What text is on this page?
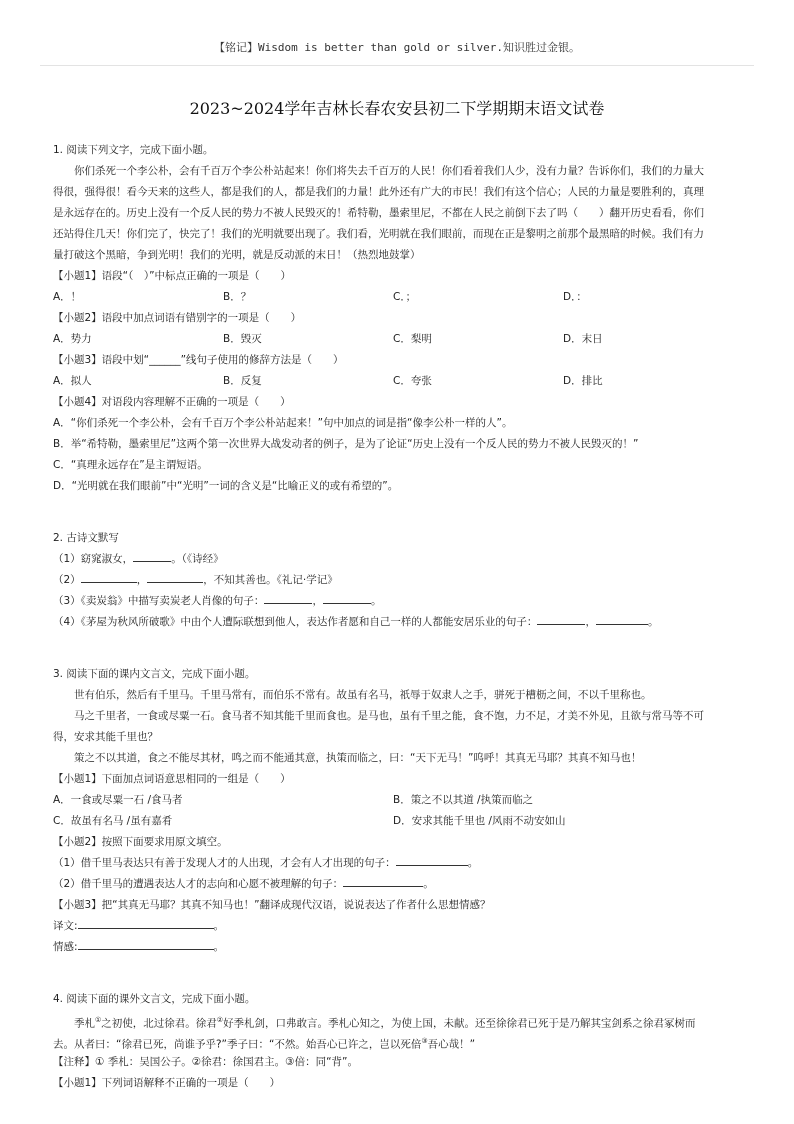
【铭记】Wisdom is better than gold or silver.知识胜过金银。
2023~2024学年吉林长春农安县初二下学期期末语文试卷
1. 阅读下列文字，完成下面小题。
你们杀死一个李公朴，会有千百万个李公朴站起来！你们将失去千百万的人民！你们看着我们人少，没有力量？告诉你们，我们的力量大
得很，强得很！看今天来的这些人，都是我们的人，都是我们的力量！此外还有广大的市民！我们有这个信心；人民的力量是要胜利的，真理
是永远存在的。历史上没有一个反人民的势力不被人民毁灭的！希特勒，墨索里尼，不都在人民之前倒下去了吗（　　）翻开历史看看，你们
还站得住几天！你们完了，快完了！我们的光明就要出现了。我们看，光明就在我们眼前，而现在正是黎明之前那个最黑暗的时候。我们有力
量打破这个黑暗，争到光明！我们的光明，就是反动派的末日！（热烈地鼓掌）
【小题1】语段“（　）”中标点正确的一项是（　　）
A．！	B．？	C．；	D．：
【小题2】语段中加点词语有错别字的一项是（　　）
A．势力	B．毁灭	C．梨明	D．末日
【小题3】语段中划“______”线句子使用的修辞方法是（　　）
A．拟人	B．反复	C．夸张	D．排比
【小题4】对语段内容理解不正确的一项是（　　）
A．“你们杀死一个李公朴，会有千百万个李公朴站起来！”句中加点的词是指“像李公朴一样的人”。
B．举“希特勒，墨索里尼”这两个第一次世界大战发动者的例子，是为了论证“历史上没有一个反人民的势力不被人民毁灭的！”
C．“真理永远存在”是主谓短语。
D．“光明就在我们眼前”中“光明”一词的含义是“比喻正义的或有希望的”。
2. 古诗文默写
（1）窈窕淑女，	。（《诗经》
（2）	，	，不知其善也。《礼记·学记》
（3）《卖炭翁》中描写卖炭老人肖像的句子：	，	。
（4）《茅屋为秋风所破歌》中由个人遭际联想到他人，表达作者愿和自己一样的人都能安居乐业的句子：	，	。
3. 阅读下面的课内文言文，完成下面小题。
世有伯乐，然后有千里马。千里马常有，而伯乐不常有。故虽有名马，祇辱于奴隶人之手，骈死于槽枥之间，不以千里称也。
马之千里者，一食或尽粟一石。食马者不知其能千里而食也。是马也，虽有千里之能，食不饱，力不足，才美不外见，且欲与常马等不可
得，安求其能千里也？
策之不以其道，食之不能尽其材，鸣之而不能通其意，执策而临之，曰：“天下无马！”呜呼！其真无马耶？其真不知马也！
【小题1】下面加点词语意思相同的一组是（　　）
A．一食或尽粟一石 /食马者	B．策之不以其道 /执策而临之
C．故虽有名马 /虽有嘉肴	D．安求其能千里也 /风雨不动安如山
【小题2】按照下面要求用原文填空。
（1）借千里马表达只有善于发现人才的人出现，才会有人才出现的句子：	。
（2）借千里马的遭遇表达人才的志向和心愿不被理解的句子：	。
【小题3】把“其真无马耶？其真不知马也！”翻译成现代汉语，说说表达了作者什么思想情感？
译文:	。
情感:	。
4. 阅读下面的课外文言文，完成下面小题。
季札①之初使，北过徐君。徐君②好季札剑，口弗敢言。季札心知之，为使上国，未献。还至徐徐君已死于是乃解其宝剑系之徐君冢树而
去。从者曰：“徐君已死，尚谁予乎?”季子曰：“不然。始吾心已许之，岂以死倍③吾心哉！”
【注释】① 季札：吴国公子。②徐君：徐国君主。③倍：同“背”。
【小题1】下列词语解释不正确的一项是（　　）
